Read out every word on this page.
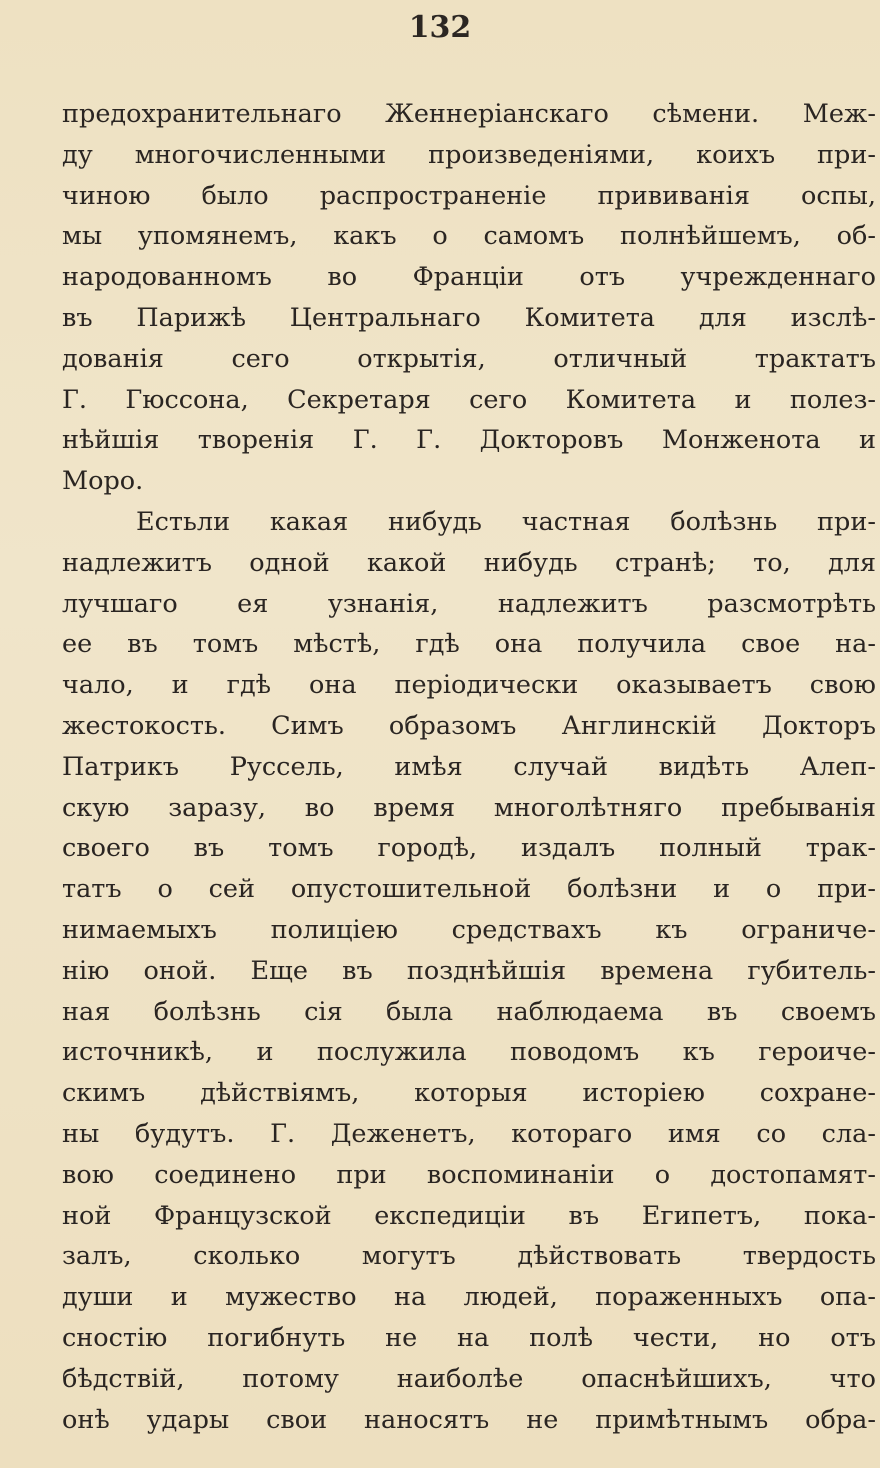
132
предохранительнаго Женнеріанскаго сѣмени. Меж-
ду многочисленными произведеніями, коихъ при-
чиною было распространеніе прививанія оспы,
мы упомянемъ, какъ о самомъ полнѣйшемъ, об-
народованномъ во Франціи отъ учрежденнаго
въ Парижѣ Центральнаго Комитета для изслѣ-
дованія сего открытія, отличный трактатъ
Г. Гюссона, Секретаря сего Комитета и полез-
нѣйшія творенія Г. Г. Докторовъ Монженота и
Моро.
Естьли какая нибудь частная болѣзнь при-
надлежитъ одной какой нибудь странѣ; то, для
лучшаго ея узнанія, надлежитъ разсмотрѣть
ее въ томъ мѣстѣ, гдѣ она получила свое на-
чало, и гдѣ она періодически оказываетъ свою
жестокость. Симъ образомъ Англинскій Докторъ
Патрикъ Руссель, имѣя случай видѣть Алеп-
скую заразу, во время многолѣтняго пребыванія
своего въ томъ городѣ, издалъ полный трак-
татъ о сей опустошительной болѣзни и о при-
нимаемыхъ полиціею средствахъ къ ограниче-
нію оной. Еще въ позднѣйшія времена губитель-
ная болѣзнь сія была наблюдаема въ своемъ
источникѣ, и послужила поводомъ къ героиче-
скимъ дѣйствіямъ, которыя исторіею сохране-
ны будутъ. Г. Деженетъ, котораго имя со сла-
вою соединено при воспоминаніи о достопамят-
ной Французской експедиціи въ Египетъ, пока-
залъ, сколько могутъ дѣйствовать твердость
души и мужество на людей, пораженныхъ опа-
сностію погибнуть не на полѣ чести, но отъ
бѣдствій, потому наиболѣе опаснѣйшихъ, что
онѣ удары свои наносятъ не примѣтнымъ обра-
